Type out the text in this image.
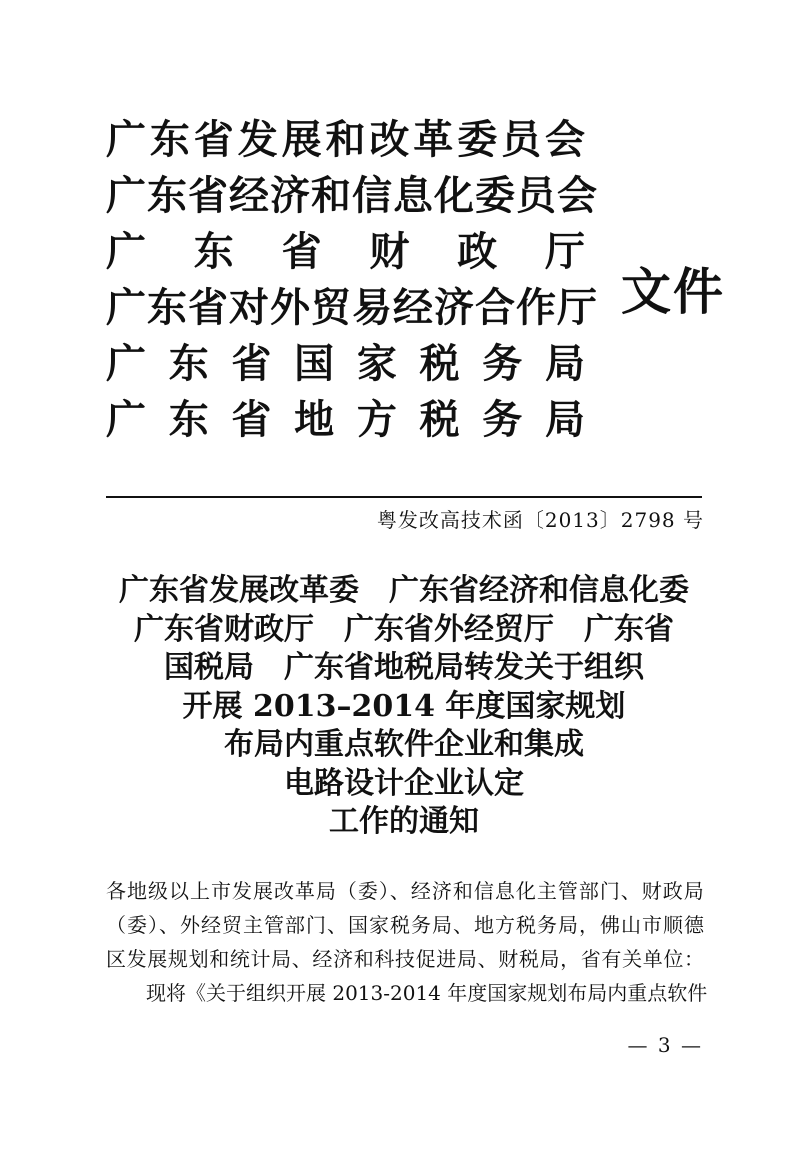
广东省发展和改革委员会
广东省经济和信息化委员会
广东省财政厅
广东省对外贸易经济合作厅
广东省国家税务局
广东省地方税务局
文件
粤发改高技术函〔2013〕2798 号
广东省发展改革委　广东省经济和信息化委
广东省财政厅　广东省外经贸厅　广东省
国税局　广东省地税局转发关于组织
开展 2013–2014 年度国家规划
布局内重点软件企业和集成
电路设计企业认定
工作的通知
各地级以上市发展改革局（委）、经济和信息化主管部门、财政局
（委）、外经贸主管部门、国家税务局、地方税务局，佛山市顺德
区发展规划和统计局、经济和科技促进局、财税局，省有关单位：
现将《关于组织开展 2013-2014 年度国家规划布局内重点软件
— 3 —
